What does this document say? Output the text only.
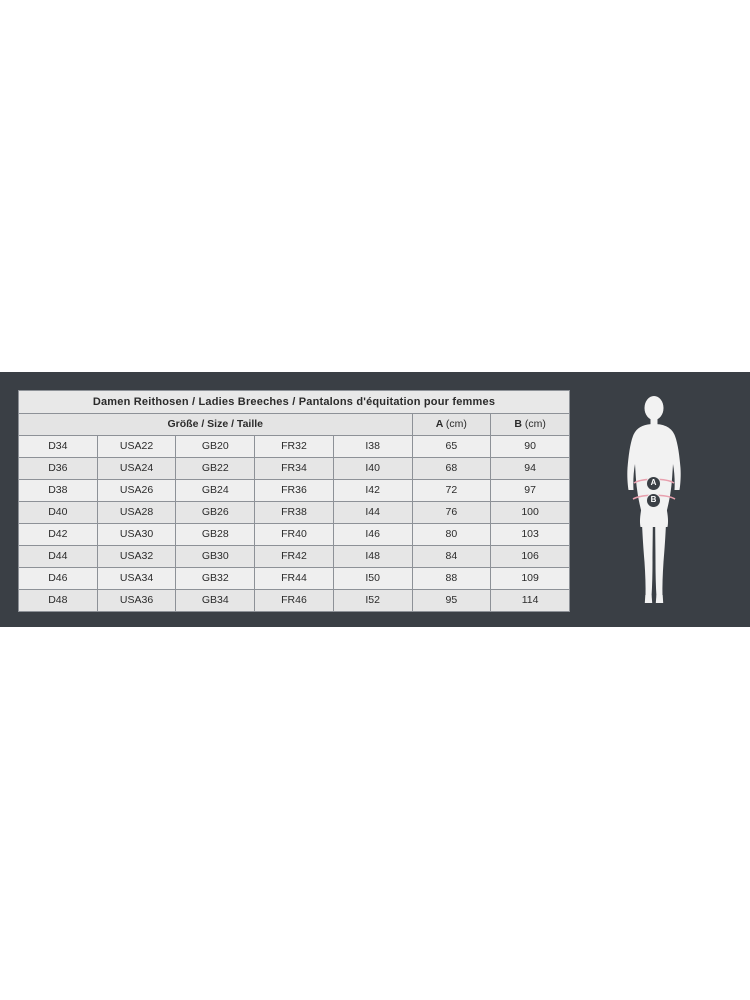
Damen Reithosen / Ladies Breeches / Pantalons d'équitation pour femmes						
Größe / Size / Taille					A (cm)	B (cm)
D34	USA22	GB20	FR32	I38	65	90
D36	USA24	GB22	FR34	I40	68	94
D38	USA26	GB24	FR36	I42	72	97
D40	USA28	GB26	FR38	I44	76	100
D42	USA30	GB28	FR40	I46	80	103
D44	USA32	GB30	FR42	I48	84	106
D46	USA34	GB32	FR44	I50	88	109
D48	USA36	GB34	FR46	I52	95	114
A
B
